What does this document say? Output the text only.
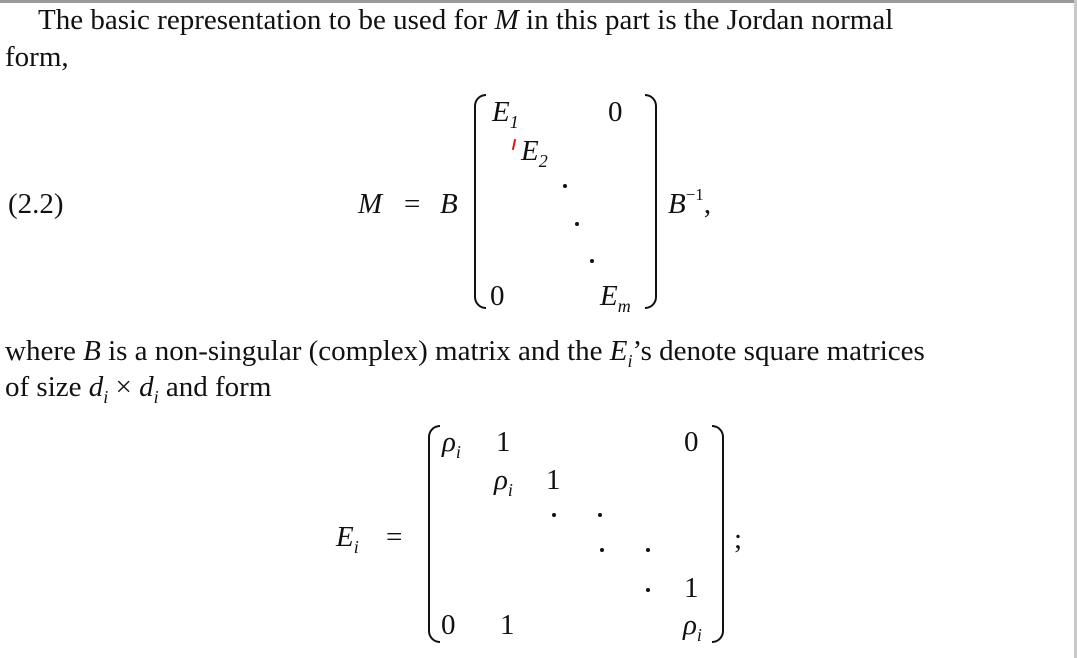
The basic representation to be used for M in this part is the Jordan normal
form,
(2.2)	M = B
$E_1$	0
$E_2$
0	$E_m$
$B^{-1}$,
where B is a non-singular (complex) matrix and the $E_i’s$ denote square matrices
of size $d_i \times d_i$ and form
$E_i$ =
$\rho_i$ 1	0
$\rho_i$ 1
1
0 1	$\rho_i$
;
